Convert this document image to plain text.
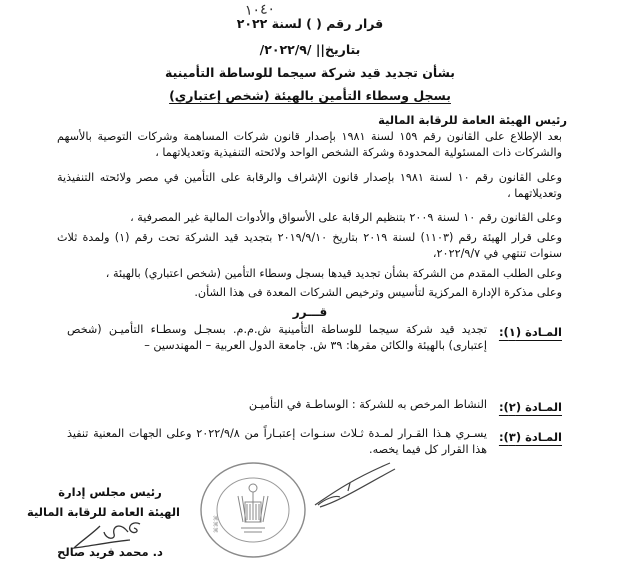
١٠٤٠
قرار رقم ( ) لسنة ٢٠٢٢
بتاريخ|| /٢٠٢٢/٩/
بشأن تجديد قيد شركة سيجما للوساطة التأمينية
بسجل وسطاء التأمين بالهيئة (شخص إعتباري)
رئيس الهيئة العامة للرقابة المالية
بعد الإطلاع على القانون رقم ١٥٩ لسنة ١٩٨١ بإصدار قانون شركات المساهمة وشركات التوصية بالأسهم والشركات ذات المسئولية المحدودة وشركة الشخص الواحد ولائحته التنفيذية وتعديلاتهما ،
وعلى القانون رقم ١٠ لسنة ١٩٨١ بإصدار قانون الإشراف والرقابة على التأمين في مصر ولائحته التنفيذية وتعديلاتهما ،
وعلى القانون رقم ١٠ لسنة ٢٠٠٩ بتنظيم الرقابة على الأسواق والأدوات المالية غير المصرفية ،
وعلى قرار الهيئة رقم (١١٠٣) لسنة ٢٠١٩ بتاريخ ٢٠١٩/٩/١٠ بتجديد قيد الشركة تحت رقم (١) ولمدة ثلاث سنوات تنتهي في ٢٠٢٢/٩/٧،
وعلى الطلب المقدم من الشركة بشأن تجديد قيدها بسجل وسطاء التأمين (شخص اعتباري) بالهيئة ،
وعلى مذكرة الإدارة المركزية لتأسيس وترخيص الشركات المعدة فى هذا الشأن.
قـــرر
المـادة (١):
تجديد قيد شركة سيجما للوساطة التأمينية ش.م.م. بسجـل وسطـاء التأميـن (شخص إعتبارى) بالهيئة والكائن مقرها: ٣٩ ش. جامعة الدول العربية – المهندسين –
المـادة (٢):
النشاط المرخص به للشركة : الوساطـة في التأميـن
المـادة (٣):
يسـري هـذا القـرار لمـدة ثـلاث سنـوات إعتبـاراً من ٢٠٢٢/٩/٨ وعلى الجهات المعنية تنفيذ هذا القرار كل فيما يخصه.
⌘⌘⌘
رئيس مجلس إدارة
الهيئة العامة للرقابة المالية
د. محمد فريد صالح
